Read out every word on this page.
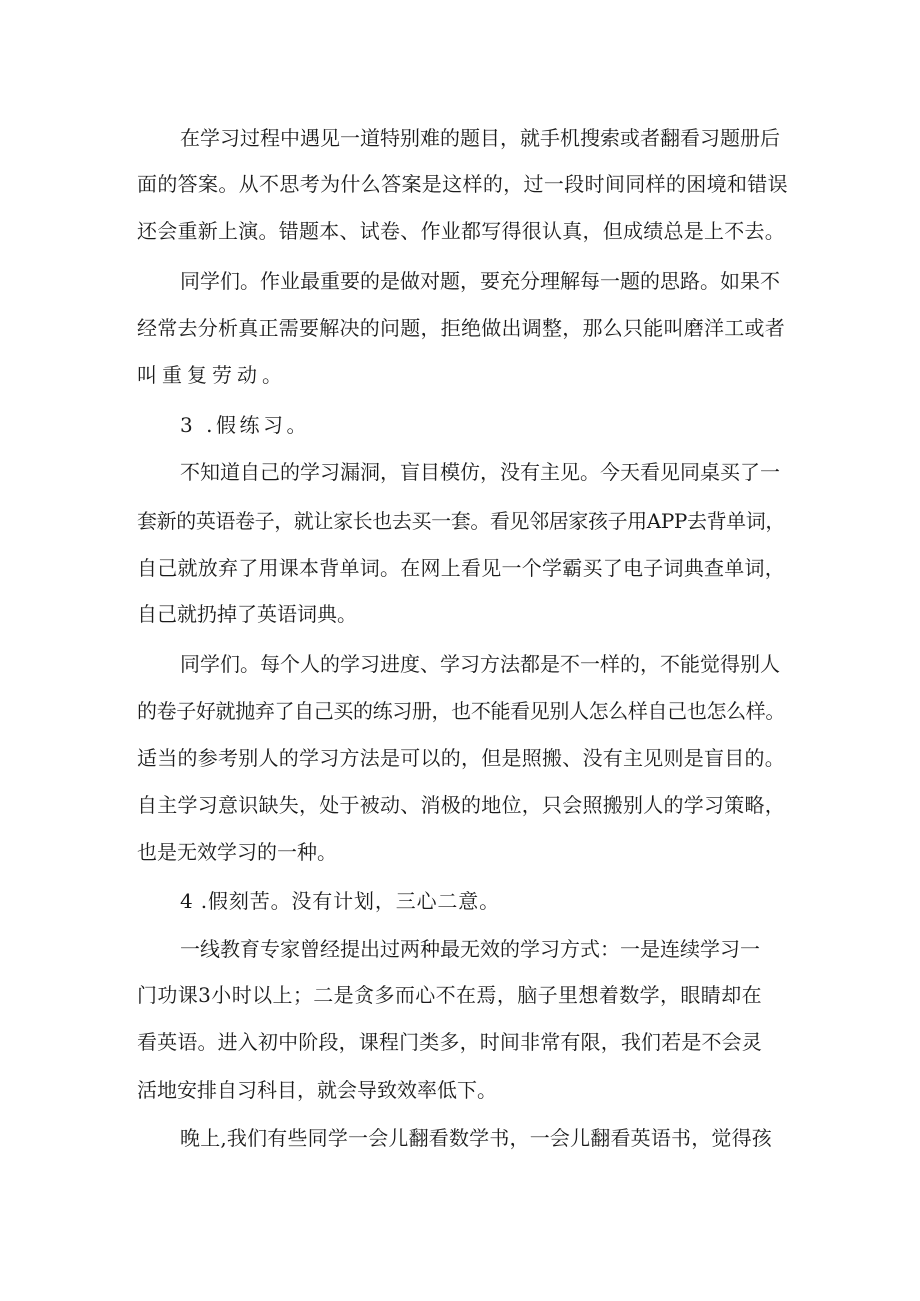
在学习过程中遇见一道特别难的题目，就手机搜索或者翻看习题册后
面的答案。从不思考为什么答案是这样的，过一段时间同样的困境和错误
还会重新上演。错题本、试卷、作业都写得很认真，但成绩总是上不去。
同学们。作业最重要的是做对题，要充分理解每一题的思路。如果不
经常去分析真正需要解决的问题，拒绝做出调整，那么只能叫磨洋工或者
叫重复劳动。
3 .假练习。
不知道自己的学习漏洞，盲目模仿，没有主见。今天看见同桌买了一
套新的英语卷子，就让家长也去买一套。看见邻居家孩子用APP去背单词，
自己就放弃了用课本背单词。在网上看见一个学霸买了电子词典查单词，
自己就扔掉了英语词典。
同学们。每个人的学习进度、学习方法都是不一样的，不能觉得别人
的卷子好就抛弃了自己买的练习册，也不能看见别人怎么样自己也怎么样。
适当的参考别人的学习方法是可以的，但是照搬、没有主见则是盲目的。
自主学习意识缺失，处于被动、消极的地位，只会照搬别人的学习策略，
也是无效学习的一种。
4 .假刻苦。没有计划，三心二意。
一线教育专家曾经提出过两种最无效的学习方式：一是连续学习一
门功课3小时以上；二是贪多而心不在焉，脑子里想着数学，眼睛却在
看英语。进入初中阶段，课程门类多，时间非常有限，我们若是不会灵
活地安排自习科目，就会导致效率低下。
晚上,我们有些同学一会儿翻看数学书，一会儿翻看英语书，觉得孩
